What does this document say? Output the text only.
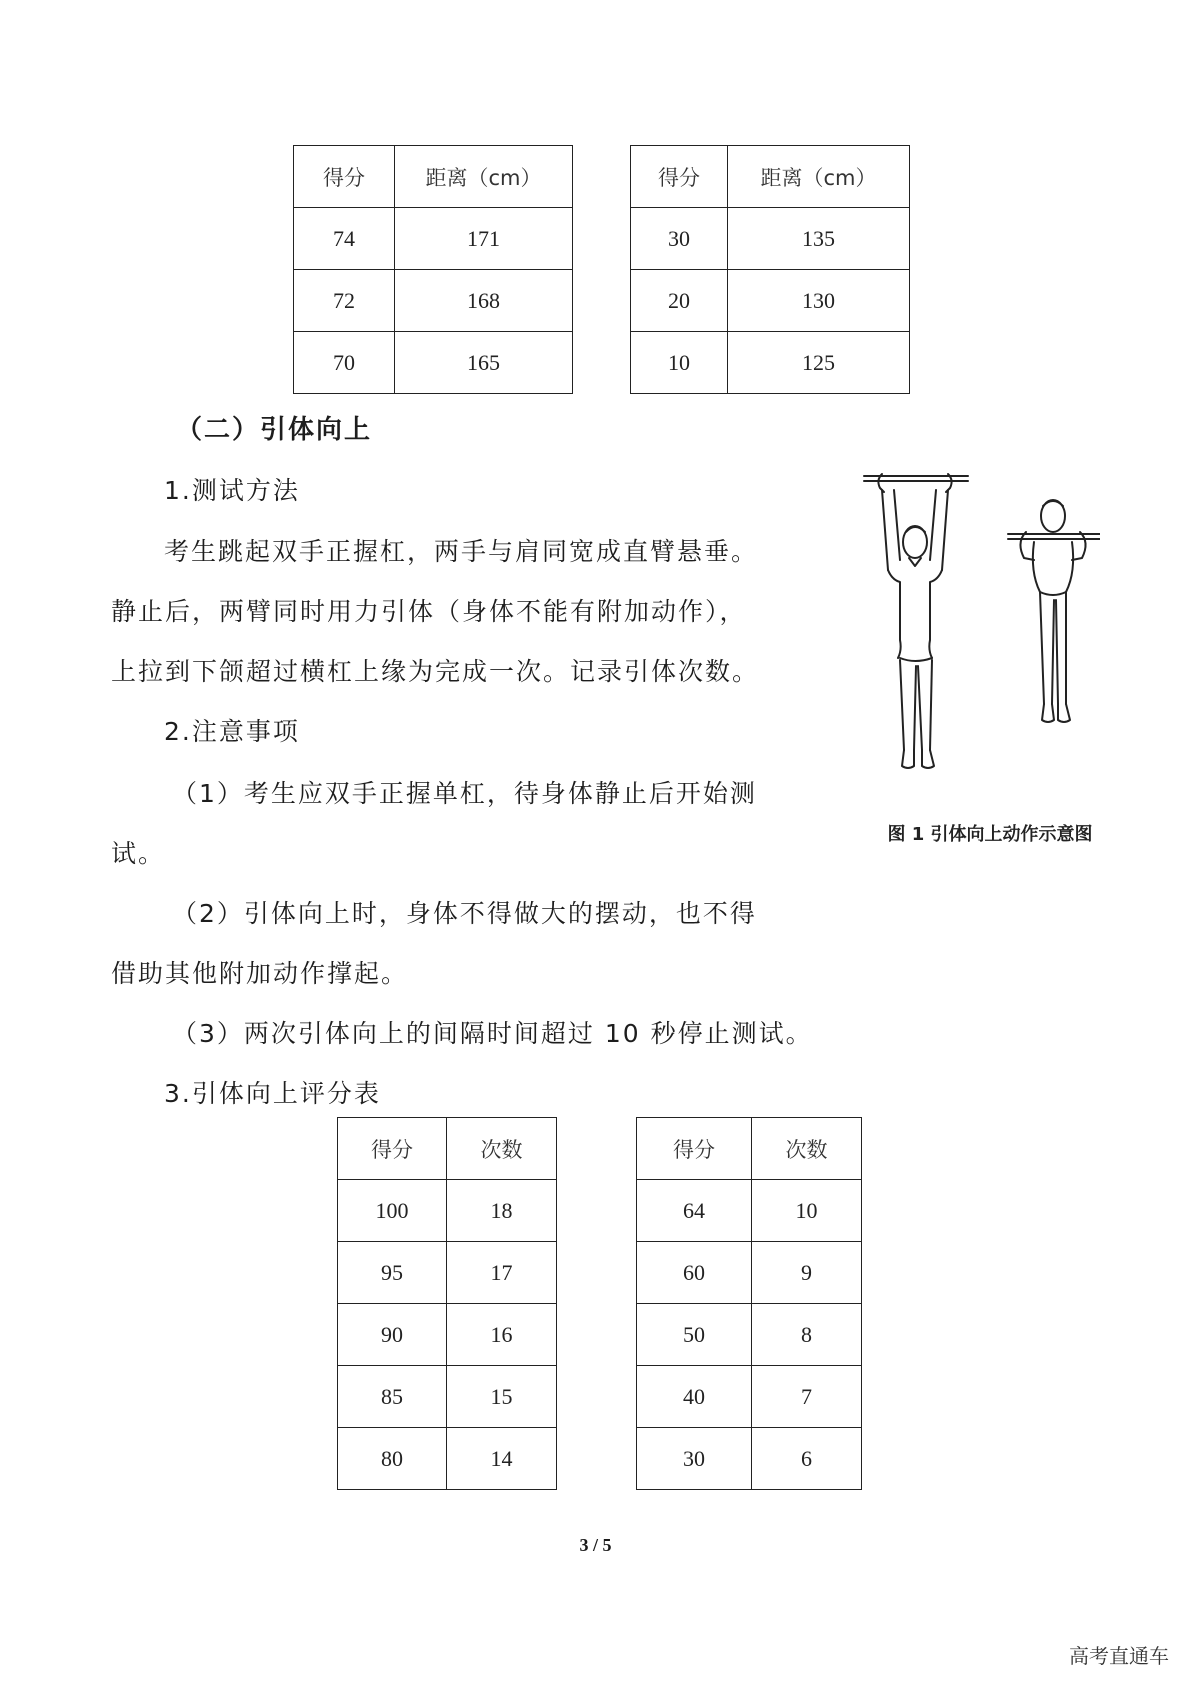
得分	距离（cm）
74	171
72	168
70	165
得分	距离（cm）
30	135
20	130
10	125
（二）引体向上
1.测试方法
考生跳起双手正握杠，两手与肩同宽成直臂悬垂。
静止后，两臂同时用力引体（身体不能有附加动作），
上拉到下颌超过横杠上缘为完成一次。记录引体次数。
2.注意事项
（1）考生应双手正握单杠，待身体静止后开始测
试。
（2）引体向上时，身体不得做大的摆动，也不得
借助其他附加动作撑起。
（3）两次引体向上的间隔时间超过 10 秒停止测试。
3.引体向上评分表
图 1 引体向上动作示意图
得分	次数
100	18
95	17
90	16
85	15
80	14
得分	次数
64	10
60	9
50	8
40	7
30	6
3 / 5
高考直通车
